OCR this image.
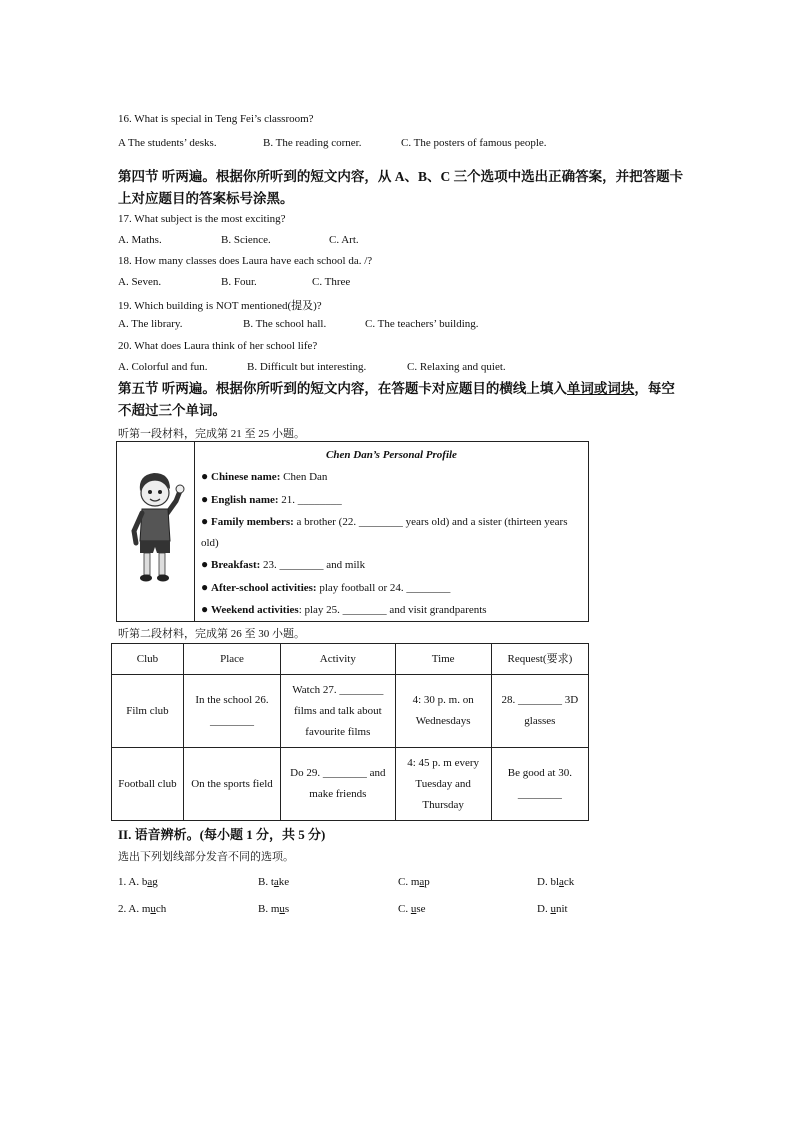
16. What is special in Teng Fei’s classroom?
A The students’ desks.	B. The reading corner.	C. The posters of famous people.
第四节 听两遍。根据你所听到的短文内容，从 A、B、C 三个选项中选出正确答案，并把答题卡上对应题目的答案标号涂黑。
17. What subject is the most exciting?
A. Maths.	B. Science.	C. Art.
18. How many classes does Laura have each school da. /?
A. Seven.	B. Four.	C. Three
19. Which building is NOT mentioned(提及)?
A. The library.	B. The school hall.	C. The teachers’ building.
20. What does Laura think of her school life?
A. Colorful and fun.	B. Difficult but interesting.	C. Relaxing and quiet.
第五节 听两遍。根据你所听到的短文内容，在答题卡对应题目的横线上填入单词或词块，每空不超过三个单词。
听第一段材料，完成第 21 至 25 小题。

Chen Dan’s Personal Profile
● Chinese name: Chen Dan
● English name: 21. ________
● Family members: a brother (22. ________ years old) and a sister (thirteen years old)
● Breakfast: 23. ________ and milk
● After-school activities: play football or 24. ________
● Weekend activities: play 25. ________ and visit grandparents
听第二段材料，完成第 26 至 30 小题。
Club	Place	Activity	Time	Request(要求)
Film club	In the school 26. ________	Watch 27. ________ films and talk about favourite films	4: 30 p. m. on Wednesdays	28. ________ 3D glasses
Football club	On the sports field	Do 29. ________ and make friends	4: 45 p. m every Tuesday and Thursday	Be good at 30. ________
II. 语音辨析。(每小题 1 分，共 5 分)
选出下列划线部分发音不同的选项。
1. A. bag	B. take	C. map	D. black
2. A. much	B. mus	C. use	D. unit
